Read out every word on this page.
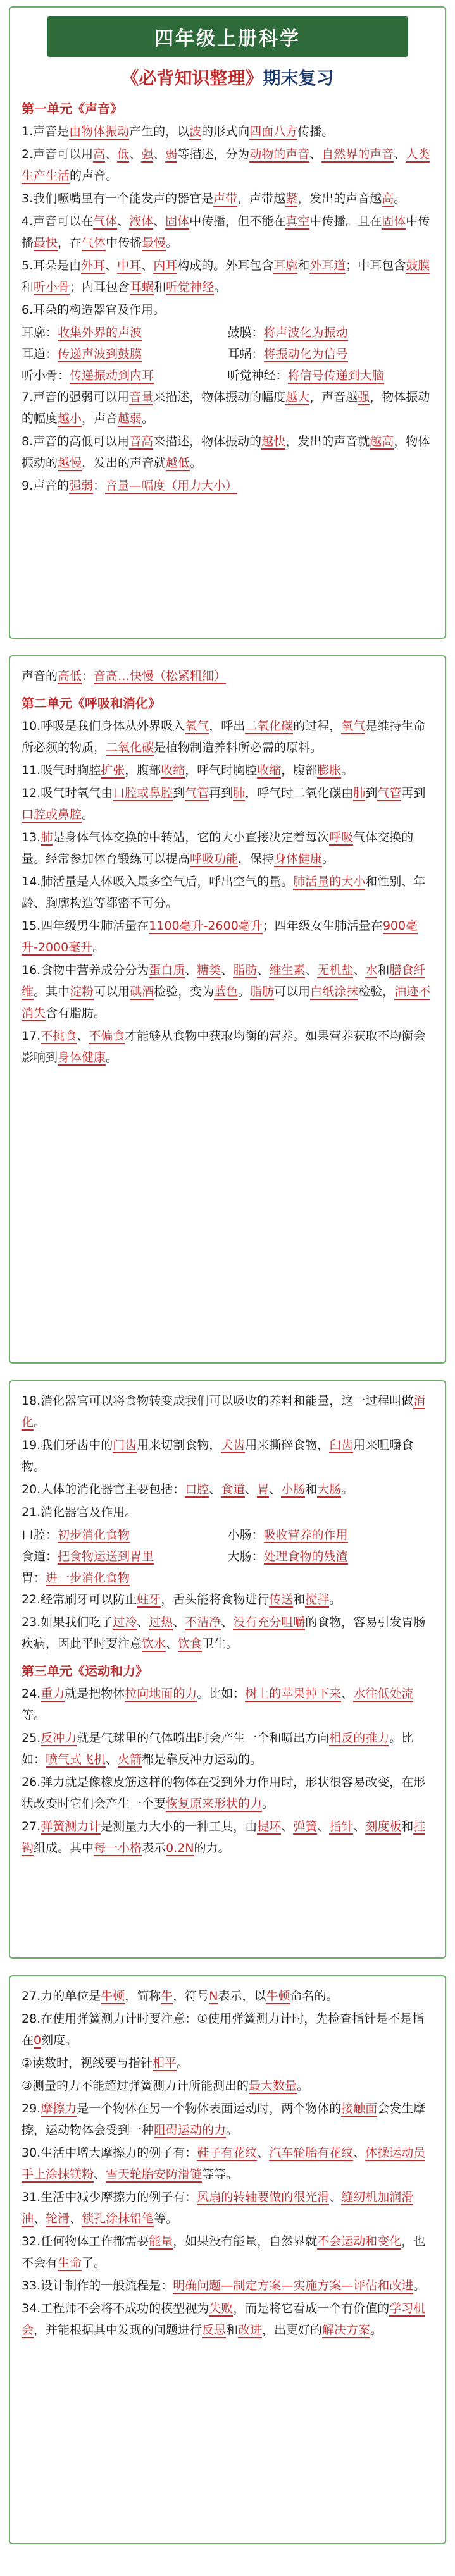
四年级上册科学
《必背知识整理》期末复习
第一单元《声音》

1.声音是由物体振动产生的，以波的形式向四面八方传播。

2.声音可以用高、低、强、弱等描述，分为动物的声音、自然界的声音、人类生产生活的声音。

3.我们噘嘴里有一个能发声的器官是声带，声带越紧，发出的声音越高。

4.声音可以在气体、液体、固体中传播，但不能在真空中传播。且在固体中传播最快，在气体中传播最慢。

5.耳朵是由外耳、中耳、内耳构成的。外耳包含耳廓和外耳道；中耳包含鼓膜和听小骨；内耳包含耳蜗和听觉神经。

6.耳朵的构造器官及作用。

耳廓：收集外界的声波	鼓膜：将声波化为振动
耳道：传递声波到鼓膜	耳蜗：将振动化为信号
听小骨：传递振动到内耳	听觉神经：将信号传递到大脑

7.声音的强弱可以用音量来描述，物体振动的幅度越大，声音越强，物体振动的幅度越小，声音越弱。

8.声音的高低可以用音高来描述，物体振动的越快，发出的声音就越高，物体振动的越慢，发出的声音就越低。

9.声音的强弱：音量—幅度（用力大小）

声音的高低：音高…快慢（松紧粗细）

第二单元《呼吸和消化》

10.呼吸是我们身体从外界吸入氧气，呼出二氧化碳的过程，氧气是维持生命所必须的物质，二氧化碳是植物制造养料所必需的原料。

11.吸气时胸腔扩张，腹部收缩，呼气时胸腔收缩，腹部膨胀。

12.吸气时氧气由口腔或鼻腔到气管再到肺，呼气时二氧化碳由肺到气管再到口腔或鼻腔。

13.肺是身体气体交换的中转站，它的大小直接决定着每次呼吸气体交换的量。经常参加体育锻练可以提高呼吸功能，保持身体健康。

14.肺活量是人体吸入最多空气后，呼出空气的量。肺活量的大小和性别、年龄、胸廓构造等都密不可分。

15.四年级男生肺活量在1100毫升-2600毫升；四年级女生肺活量在900毫升-2000毫升。

16.食物中营养成分分为蛋白质、糖类、脂肪、维生素、无机盐、水和膳食纤维。其中淀粉可以用碘酒检验，变为蓝色。脂肪可以用白纸涂抹检验，油迹不消失含有脂肪。

17.不挑食、不偏食才能够从食物中获取均衡的营养。如果营养获取不均衡会影响到身体健康。

18.消化器官可以将食物转变成我们可以吸收的养料和能量，这一过程叫做消化。

19.我们牙齿中的门齿用来切割食物，犬齿用来撕碎食物，臼齿用来咀嚼食物。

20.人体的消化器官主要包括：口腔、食道、胃、小肠和大肠。

21.消化器官及作用。

口腔：初步消化食物	小肠：吸收营养的作用
食道：把食物运送到胃里	大肠：处理食物的残渣
胃：进一步消化食物

22.经常刷牙可以防止蛀牙，舌头能将食物进行传送和搅拌。

23.如果我们吃了过冷、过热、不洁净、没有充分咀嚼的食物，容易引发胃肠疾病，因此平时要注意饮水、饮食卫生。

第三单元《运动和力》

24.重力就是把物体拉向地面的力。比如：树上的苹果掉下来、水往低处流等。

25.反冲力就是气球里的气体喷出时会产生一个和喷出方向相反的推力。比如：喷气式飞机、火箭都是靠反冲力运动的。

26.弹力就是像橡皮筋这样的物体在受到外力作用时，形状很容易改变，在形状改变时它们会产生一个要恢复原来形状的力。

27.弹簧测力计是测量力大小的一种工具，由提环、弹簧、指针、刻度板和挂钩组成。其中每一小格表示0.2N的力。

27.力的单位是牛顿，简称牛，符号N表示，以牛顿命名的。

28.在使用弹簧测力计时要注意：①使用弹簧测力计时，先检查指针是不是指在0刻度。

②读数时，视线要与指针相平。

③测量的力不能超过弹簧测力计所能测出的最大数量。

29.摩擦力是一个物体在另一个物体表面运动时，两个物体的接触面会发生摩擦，运动物体会受到一种阻碍运动的力。

30.生活中增大摩擦力的例子有：鞋子有花纹、汽车轮胎有花纹、体操运动员手上涂抹镁粉、雪天轮胎安防滑链等等。

31.生活中减少摩擦力的例子有：风扇的转轴要做的很光滑、缝纫机加润滑油、轮滑、锁孔涂抹铅笔等。

32.任何物体工作都需要能量，如果没有能量，自然界就不会运动和变化，也不会有生命了。

33.设计制作的一般流程是：明确问题—制定方案—实施方案—评估和改进。

34.工程师不会将不成功的模型视为失败，而是将它看成一个有价值的学习机会，并能根据其中发现的问题进行反思和改进，出更好的解决方案。
